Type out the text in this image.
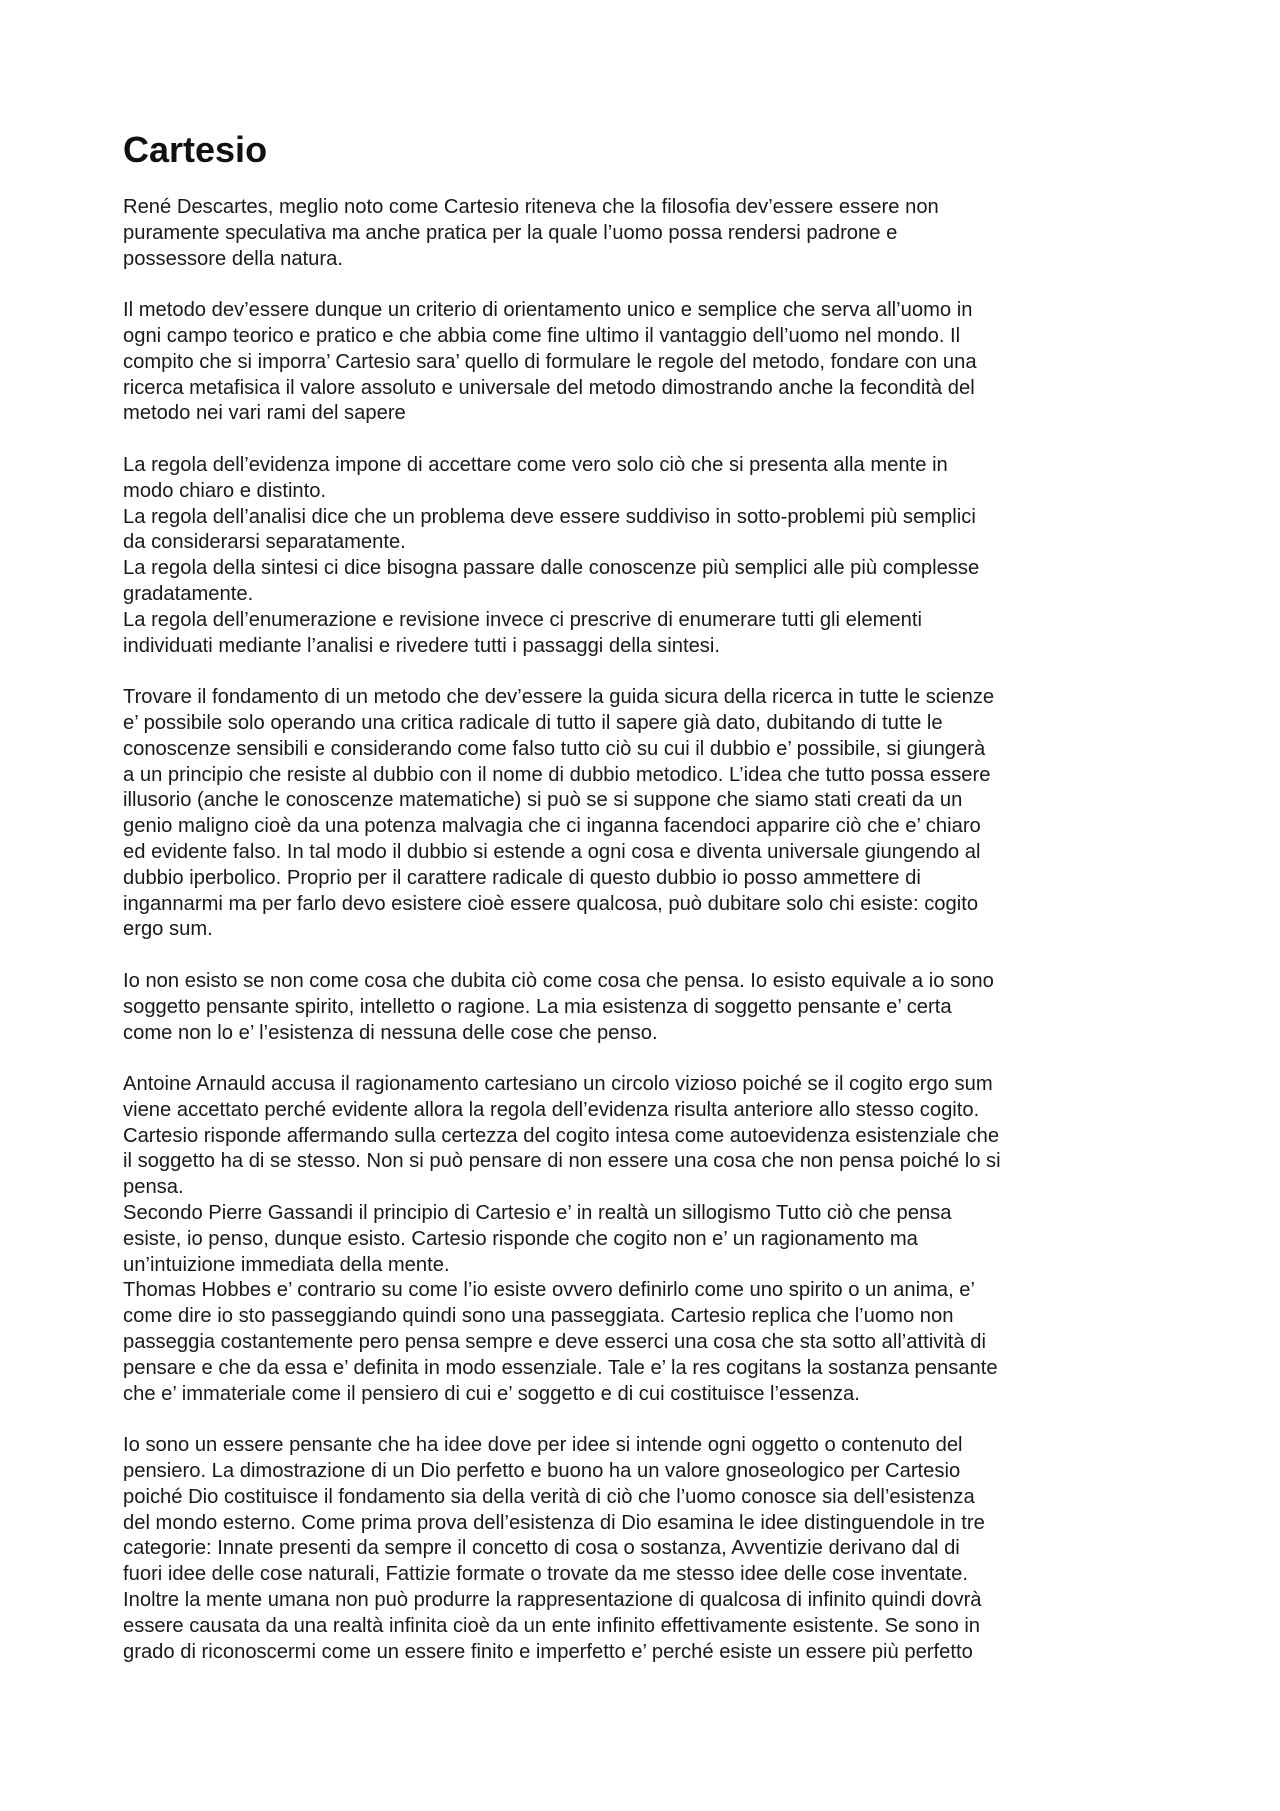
Cartesio
René Descartes, meglio noto come Cartesio riteneva che la filosofia dev’essere essere non
puramente speculativa ma anche pratica per la quale l’uomo possa rendersi padrone e
possessore della natura.
Il metodo dev’essere dunque un criterio di orientamento unico e semplice che serva all’uomo in
ogni campo teorico e pratico e che abbia come fine ultimo il vantaggio dell’uomo nel mondo. Il
compito che si imporra’ Cartesio sara’ quello di formulare le regole del metodo, fondare con una
ricerca metafisica il valore assoluto e universale del metodo dimostrando anche la fecondità del
metodo nei vari rami del sapere
La regola dell’evidenza impone di accettare come vero solo ciò che si presenta alla mente in
modo chiaro e distinto.
La regola dell’analisi dice che un problema deve essere suddiviso in sotto-problemi più semplici
da considerarsi separatamente.
La regola della sintesi ci dice bisogna passare dalle conoscenze più semplici alle più complesse
gradatamente.
La regola dell’enumerazione e revisione invece ci prescrive di enumerare tutti gli elementi
individuati mediante l’analisi e rivedere tutti i passaggi della sintesi.
Trovare il fondamento di un metodo che dev’essere la guida sicura della ricerca in tutte le scienze
e’ possibile solo operando una critica radicale di tutto il sapere già dato, dubitando di tutte le
conoscenze sensibili e considerando come falso tutto ciò su cui il dubbio e’ possibile, si giungerà
a un principio che resiste al dubbio con il nome di dubbio metodico. L’idea che tutto possa essere
illusorio (anche le conoscenze matematiche) si può se si suppone che siamo stati creati da un
genio maligno cioè da una potenza malvagia che ci inganna facendoci apparire ciò che e’ chiaro
ed evidente falso. In tal modo il dubbio si estende a ogni cosa e diventa universale giungendo al
dubbio iperbolico. Proprio per il carattere radicale di questo dubbio io posso ammettere di
ingannarmi ma per farlo devo esistere cioè essere qualcosa, può dubitare solo chi esiste: cogito
ergo sum.
Io non esisto se non come cosa che dubita ciò come cosa che pensa. Io esisto equivale a io sono
soggetto pensante spirito, intelletto o ragione. La mia esistenza di soggetto pensante e’ certa
come non lo e’ l’esistenza di nessuna delle cose che penso.
Antoine Arnauld accusa il ragionamento cartesiano un circolo vizioso poiché se il cogito ergo sum
viene accettato perché evidente allora la regola dell’evidenza risulta anteriore allo stesso cogito.
Cartesio risponde affermando sulla certezza del cogito intesa come autoevidenza esistenziale che
il soggetto ha di se stesso. Non si può pensare di non essere una cosa che non pensa poiché lo si
pensa.
Secondo Pierre Gassandi il principio di Cartesio e’ in realtà un sillogismo Tutto ciò che pensa
esiste, io penso, dunque esisto. Cartesio risponde che cogito non e’ un ragionamento ma
un’intuizione immediata della mente.
Thomas Hobbes e’ contrario su come l’io esiste ovvero definirlo come uno spirito o un anima, e’
come dire io sto passeggiando quindi sono una passeggiata. Cartesio replica che l’uomo non
passeggia costantemente pero pensa sempre e deve esserci una cosa che sta sotto all’attività di
pensare e che da essa e’ definita in modo essenziale. Tale e’ la res cogitans la sostanza pensante
che e’ immateriale come il pensiero di cui e’ soggetto e di cui costituisce l’essenza.
Io sono un essere pensante che ha idee dove per idee si intende ogni oggetto o contenuto del
pensiero. La dimostrazione di un Dio perfetto e buono ha un valore gnoseologico per Cartesio
poiché Dio costituisce il fondamento sia della verità di ciò che l’uomo conosce sia dell’esistenza
del mondo esterno. Come prima prova dell’esistenza di Dio esamina le idee distinguendole in tre
categorie: Innate presenti da sempre il concetto di cosa o sostanza, Avventizie derivano dal di
fuori idee delle cose naturali, Fattizie formate o trovate da me stesso idee delle cose inventate.
Inoltre la mente umana non può produrre la rappresentazione di qualcosa di infinito quindi dovrà
essere causata da una realtà infinita cioè da un ente infinito effettivamente esistente. Se sono in
grado di riconoscermi come un essere finito e imperfetto e’ perché esiste un essere più perfetto
